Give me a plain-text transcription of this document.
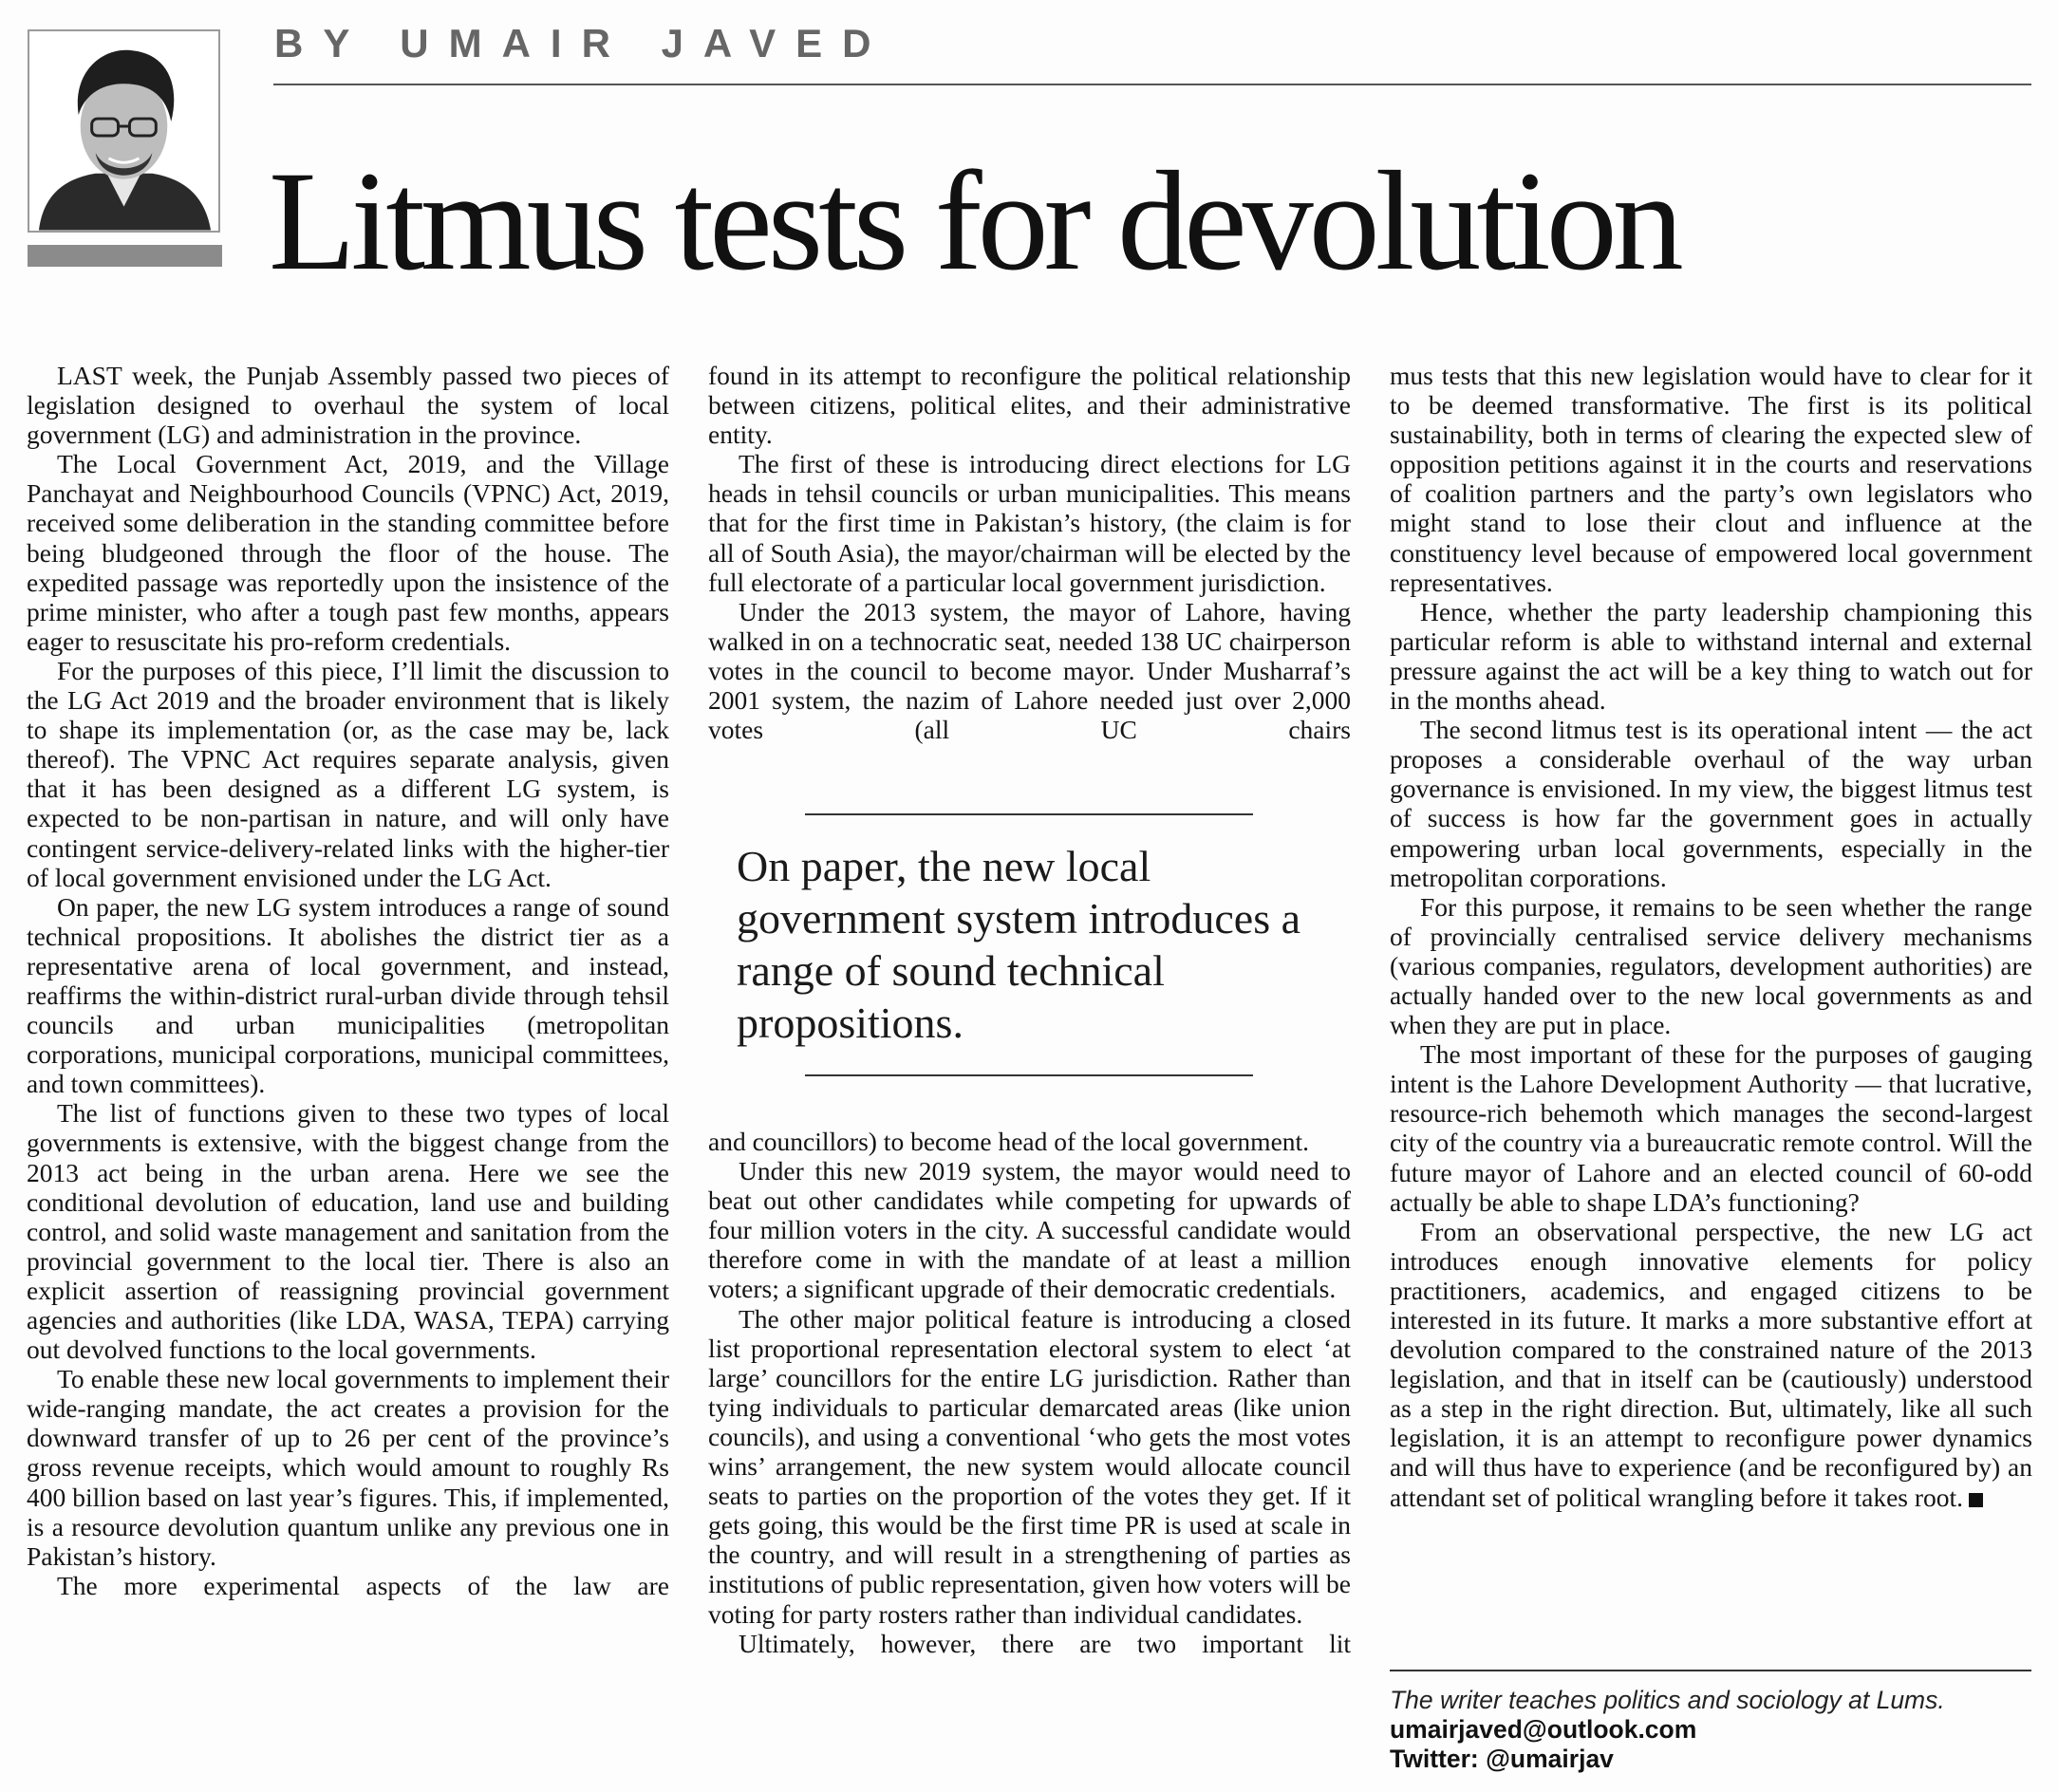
BY UMAIR JAVED
Litmus tests for devolution

LAST week, the Punjab Assembly passed two pieces of legislation designed to overhaul the system of local government (LG) and administration in the province.

The Local Government Act, 2019, and the Village Panchayat and Neighbourhood Councils (VPNC) Act, 2019, received some deliberation in the standing committee before being bludgeoned through the floor of the house. The expedited passage was reportedly upon the insistence of the prime minister, who after a tough past few months, appears eager to resuscitate his pro-reform credentials.

For the purposes of this piece, I’ll limit the discussion to the LG Act 2019 and the broader environment that is likely to shape its implementation (or, as the case may be, lack thereof). The VPNC Act requires separate analysis, given that it has been designed as a different LG system, is expected to be non-partisan in nature, and will only have contingent service-delivery-related links with the higher-tier of local government envisioned under the LG Act.

On paper, the new LG system introduces a range of sound technical propositions. It abolishes the district tier as a representative arena of local government, and instead, reaffirms the within-district rural-urban divide through tehsil councils and urban municipalities (metropolitan corporations, municipal corporations, municipal committees, and town committees).

The list of functions given to these two types of local governments is extensive, with the biggest change from the 2013 act being in the urban arena. Here we see the conditional devolution of education, land use and building control, and solid waste management and sanitation from the provincial government to the local tier. There is also an explicit assertion of reassigning provincial government agencies and authorities (like LDA, WASA, TEPA) carrying out devolved functions to the local governments.

To enable these new local governments to implement their wide-ranging mandate, the act creates a provision for the downward transfer of up to 26 per cent of the province’s gross revenue receipts, which would amount to roughly Rs 400 billion based on last year’s figures. This, if implemented, is a resource devolution quantum unlike any previous one in Pakistan’s history.

The more experimental aspects of the law are

found in its attempt to reconfigure the political relationship between citizens, political elites, and their administrative entity.

The first of these is introducing direct elections for LG heads in tehsil councils or urban municipalities. This means that for the first time in Pakistan’s history, (the claim is for all of South Asia), the mayor/chairman will be elected by the full electorate of a particular local government jurisdiction.

Under the 2013 system, the mayor of Lahore, having walked in on a technocratic seat, needed 138 UC chairperson votes in the council to become mayor. Under Musharraf’s 2001 system, the nazim of Lahore needed just over 2,000 votes (all UC chairs

On paper, the new local government system introduces a range of sound technical propositions.

and councillors) to become head of the local government.

Under this new 2019 system, the mayor would need to beat out other candidates while competing for upwards of four million voters in the city. A successful candidate would therefore come in with the mandate of at least a million voters; a significant upgrade of their democratic credentials.

The other major political feature is introducing a closed list proportional representation electoral system to elect ‘at large’ councillors for the entire LG jurisdiction. Rather than tying individuals to particular demarcated areas (like union councils), and using a conventional ‘who gets the most votes wins’ arrangement, the new system would allocate council seats to parties on the proportion of the votes they get. If it gets going, this would be the first time PR is used at scale in the country, and will result in a strengthening of parties as institutions of public representation, given how voters will be voting for party rosters rather than individual candidates.

Ultimately, however, there are two important lit

mus tests that this new legislation would have to clear for it to be deemed transformative. The first is its political sustainability, both in terms of clearing the expected slew of opposition petitions against it in the courts and reservations of coalition partners and the party’s own legislators who might stand to lose their clout and influence at the constituency level because of empowered local government representatives.

Hence, whether the party leadership championing this particular reform is able to withstand internal and external pressure against the act will be a key thing to watch out for in the months ahead.

The second litmus test is its operational intent — the act proposes a considerable overhaul of the way urban governance is envisioned. In my view, the biggest litmus test of success is how far the government goes in actually empowering urban local governments, especially in the metropolitan corporations.

For this purpose, it remains to be seen whether the range of provincially centralised service delivery mechanisms (various companies, regulators, development authorities) are actually handed over to the new local governments as and when they are put in place.

The most important of these for the purposes of gauging intent is the Lahore Development Authority — that lucrative, resource-rich behemoth which manages the second-largest city of the country via a bureaucratic remote control. Will the future mayor of Lahore and an elected council of 60-odd actually be able to shape LDA’s functioning?

From an observational perspective, the new LG act introduces enough innovative elements for policy practitioners, academics, and engaged citizens to be interested in its future. It marks a more substantive effort at devolution compared to the constrained nature of the 2013 legislation, and that in itself can be (cautiously) understood as a step in the right direction. But, ultimately, like all such legislation, it is an attempt to reconfigure power dynamics and will thus have to experience (and be reconfigured by) an attendant set of political wrangling before it takes root.

The writer teaches politics and sociology at Lums.
umairjaved@outlook.com
Twitter: @umairjav
